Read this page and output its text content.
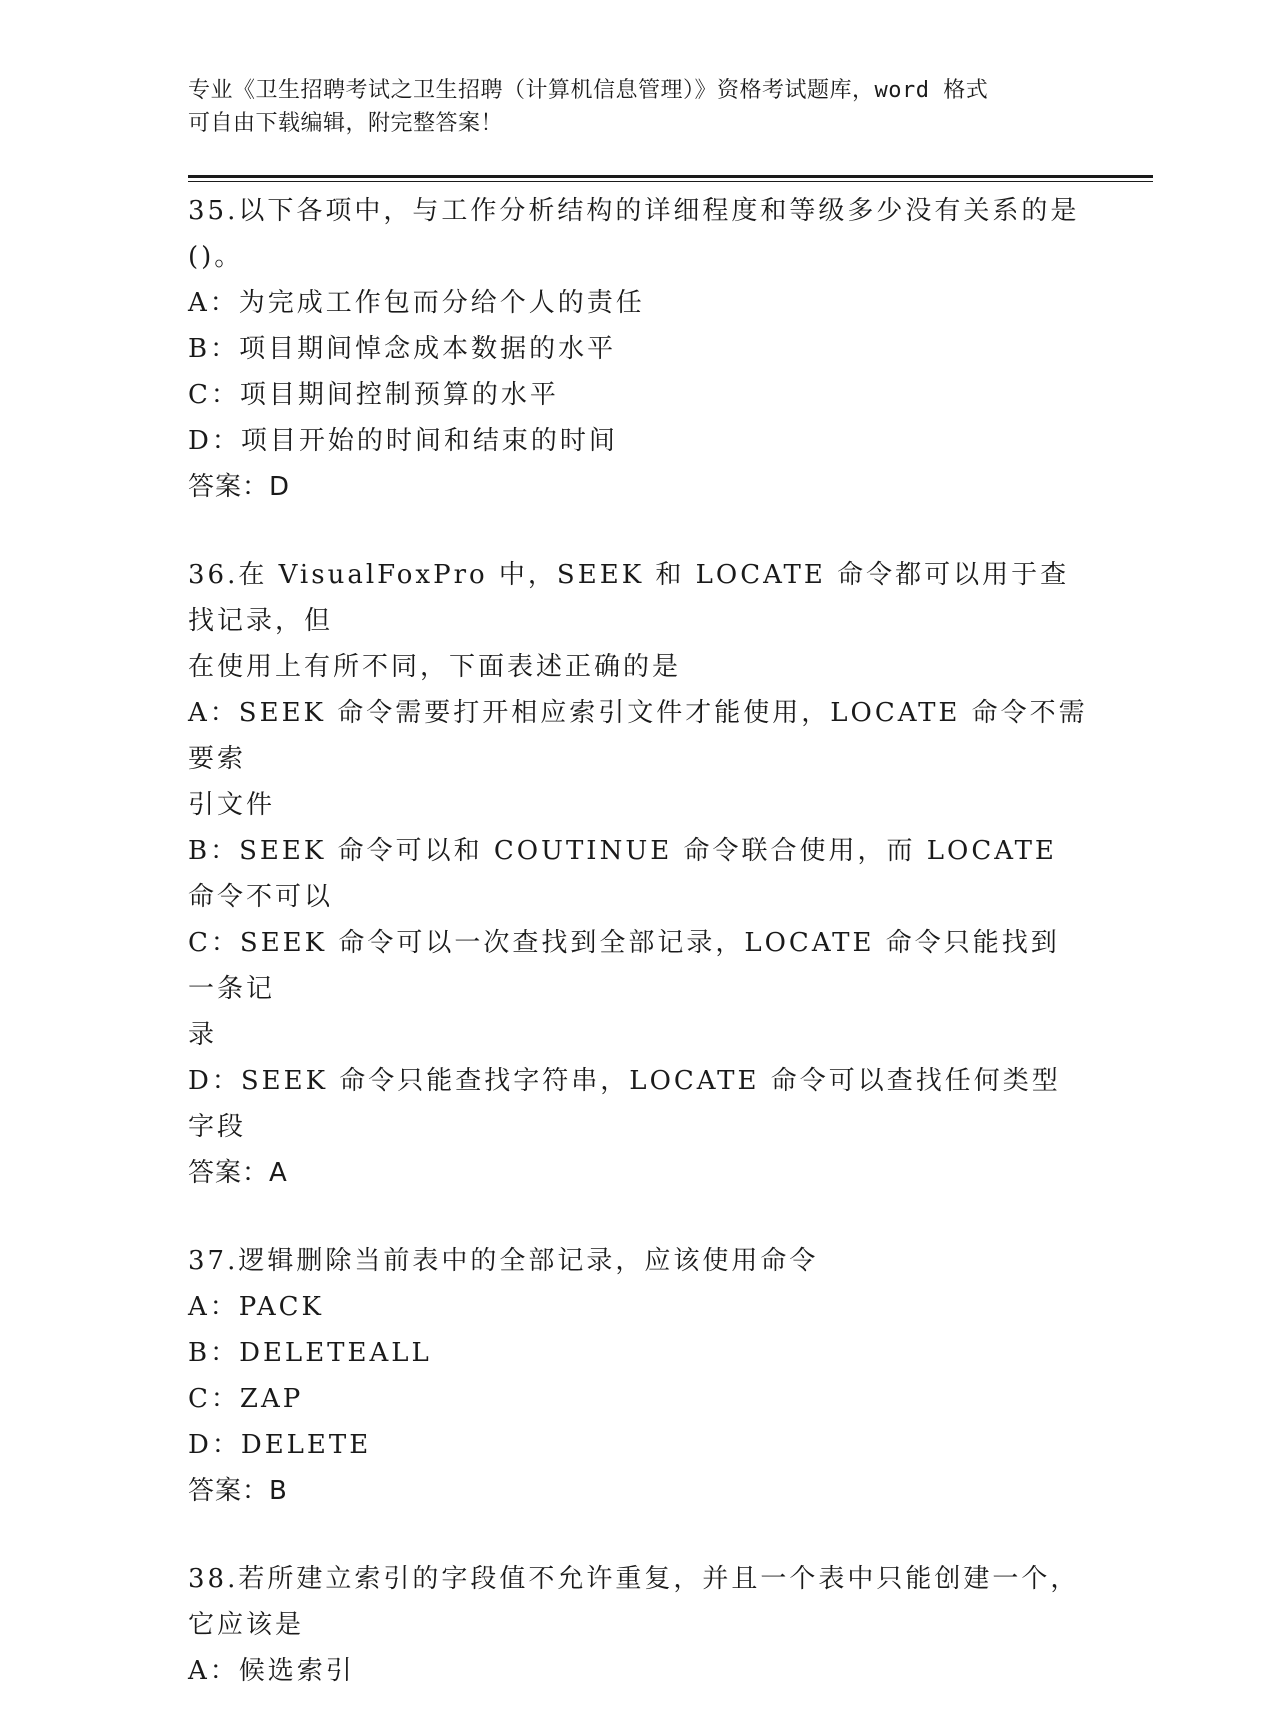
专业《卫生招聘考试之卫生招聘（计算机信息管理）》资格考试题库，word 格式
可自由下载编辑，附完整答案！
35.以下各项中，与工作分析结构的详细程度和等级多少没有关系的是
()。
A：为完成工作包而分给个人的责任
B：项目期间悼念成本数据的水平
C：项目期间控制预算的水平
D：项目开始的时间和结束的时间
答案：D
36.在 VisualFoxPro 中，SEEK 和 LOCATE 命令都可以用于查找记录，但
在使用上有所不同，下面表述正确的是
A：SEEK 命令需要打开相应索引文件才能使用，LOCATE 命令不需要索
引文件
B：SEEK 命令可以和 COUTINUE 命令联合使用，而 LOCATE 命令不可以
C：SEEK 命令可以一次查找到全部记录，LOCATE 命令只能找到一条记
录
D：SEEK 命令只能查找字符串，LOCATE 命令可以查找任何类型字段
答案：A
37.逻辑删除当前表中的全部记录，应该使用命令
A：PACK
B：DELETEALL
C：ZAP
D：DELETE
答案：B
38.若所建立索引的字段值不允许重复，并且一个表中只能创建一个，
它应该是
A：候选索引
